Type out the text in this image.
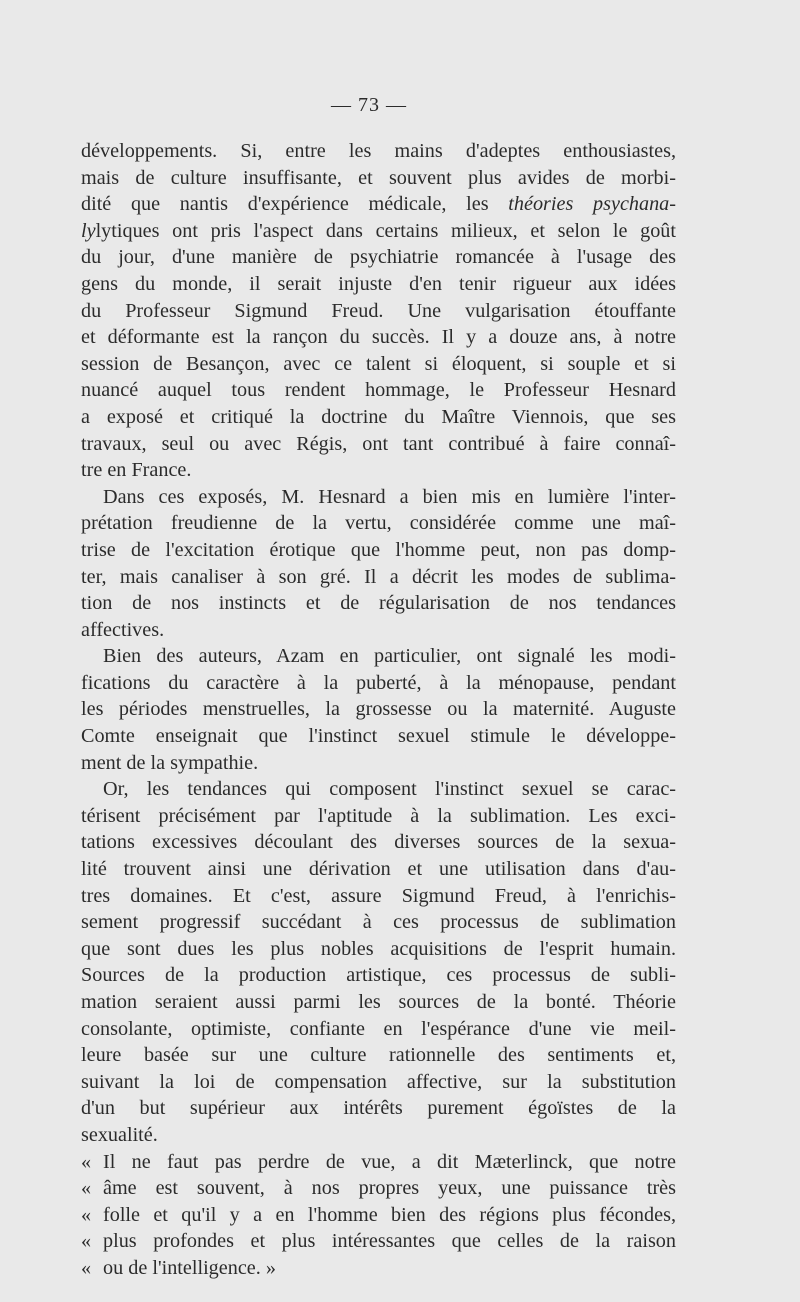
— 73 —
développements. Si, entre les mains d'adeptes enthousiastes,
mais de culture insuffisante, et souvent plus avides de morbi-
dité que nantis d'expérience médicale, les théories psychana-
lylytiques ont pris l'aspect dans certains milieux, et selon le goût
du jour, d'une manière de psychiatrie romancée à l'usage des
gens du monde, il serait injuste d'en tenir rigueur aux idées
du Professeur Sigmund Freud. Une vulgarisation étouffante
et déformante est la rançon du succès. Il y a douze ans, à notre
session de Besançon, avec ce talent si éloquent, si souple et si
nuancé auquel tous rendent hommage, le Professeur Hesnard
a exposé et critiqué la doctrine du Maître Viennois, que ses
travaux, seul ou avec Régis, ont tant contribué à faire connaî-
tre en France.
Dans ces exposés, M. Hesnard a bien mis en lumière l'inter-
prétation freudienne de la vertu, considérée comme une maî-
trise de l'excitation érotique que l'homme peut, non pas domp-
ter, mais canaliser à son gré. Il a décrit les modes de sublima-
tion de nos instincts et de régularisation de nos tendances
affectives.
Bien des auteurs, Azam en particulier, ont signalé les modi-
fications du caractère à la puberté, à la ménopause, pendant
les périodes menstruelles, la grossesse ou la maternité. Auguste
Comte enseignait que l'instinct sexuel stimule le développe-
ment de la sympathie.
Or, les tendances qui composent l'instinct sexuel se carac-
térisent précisément par l'aptitude à la sublimation. Les exci-
tations excessives découlant des diverses sources de la sexua-
lité trouvent ainsi une dérivation et une utilisation dans d'au-
tres domaines. Et c'est, assure Sigmund Freud, à l'enrichis-
sement progressif succédant à ces processus de sublimation
que sont dues les plus nobles acquisitions de l'esprit humain.
Sources de la production artistique, ces processus de subli-
mation seraient aussi parmi les sources de la bonté. Théorie
consolante, optimiste, confiante en l'espérance d'une vie meil-
leure basée sur une culture rationnelle des sentiments et,
suivant la loi de compensation affective, sur la substitution
d'un but supérieur aux intérêts purement égoïstes de la
sexualité.
« Il ne faut pas perdre de vue, a dit Mæterlinck, que notre
« âme est souvent, à nos propres yeux, une puissance très
« folle et qu'il y a en l'homme bien des régions plus fécondes,
« plus profondes et plus intéressantes que celles de la raison
« ou de l'intelligence. »
